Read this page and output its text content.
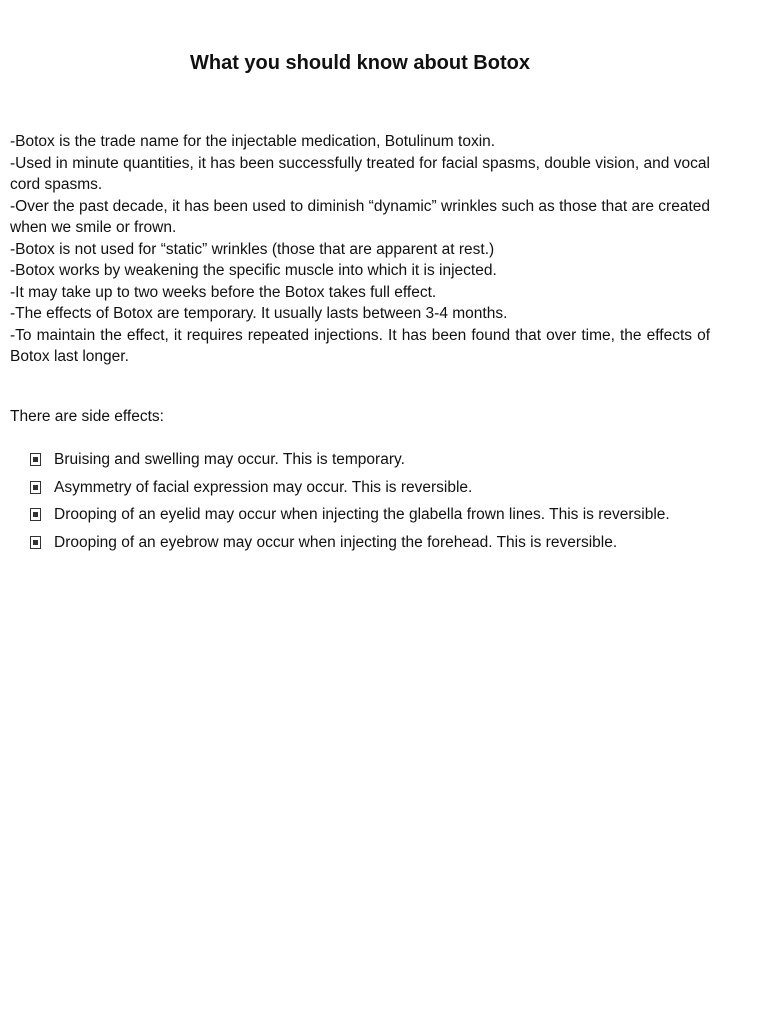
What you should know about Botox

-Botox is the trade name for the injectable medication, Botulinum toxin.

-Used in minute quantities, it has been successfully treated for facial spasms, double vision, and vocal cord spasms.

-Over the past decade, it has been used to diminish “dynamic” wrinkles such as those that are created when we smile or frown.

-Botox is not used for “static” wrinkles (those that are apparent at rest.)

-Botox works by weakening the specific muscle into which it is injected.

-It may take up to two weeks before the Botox takes full effect.

-The effects of Botox are temporary. It usually lasts between 3-4 months.

-To maintain the effect, it requires repeated injections. It has been found that over time, the effects of Botox last longer.

There are side effects:

Bruising and swelling may occur. This is temporary.
Asymmetry of facial expression may occur. This is reversible.
Drooping of an eyelid may occur when injecting the glabella frown lines. This is reversible.
Drooping of an eyebrow may occur when injecting the forehead. This is reversible.
